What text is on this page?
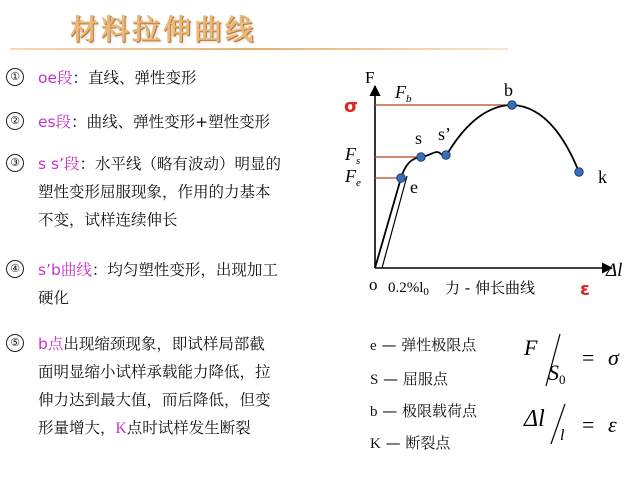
材料拉伸曲线
① oe段：直线、弹性变形
② es段：曲线、弹性变形+塑性变形
③ s s’段：水平线（略有波动）明显的
塑性变形屈服现象，作用的力基本
不变，试样连续伸长
④ s’b曲线：均匀塑性变形，出现加工
硬化
⑤ b点出现缩颈现象，即试样局部截
面明显缩小试样承载能力降低，拉
伸力达到最大值，而后降低，但变
形量增大，K点时试样发生断裂
F
Δl
o $0.2\%l_0$ 力 - 伸长曲线
σ
ε
$F_b$
$F_s$
$F_e$	e
s s’
b
k
F
S0
= σ
Δl
l = ε
e — 弹性极限点
S — 屈服点
b — 极限载荷点
K — 断裂点
